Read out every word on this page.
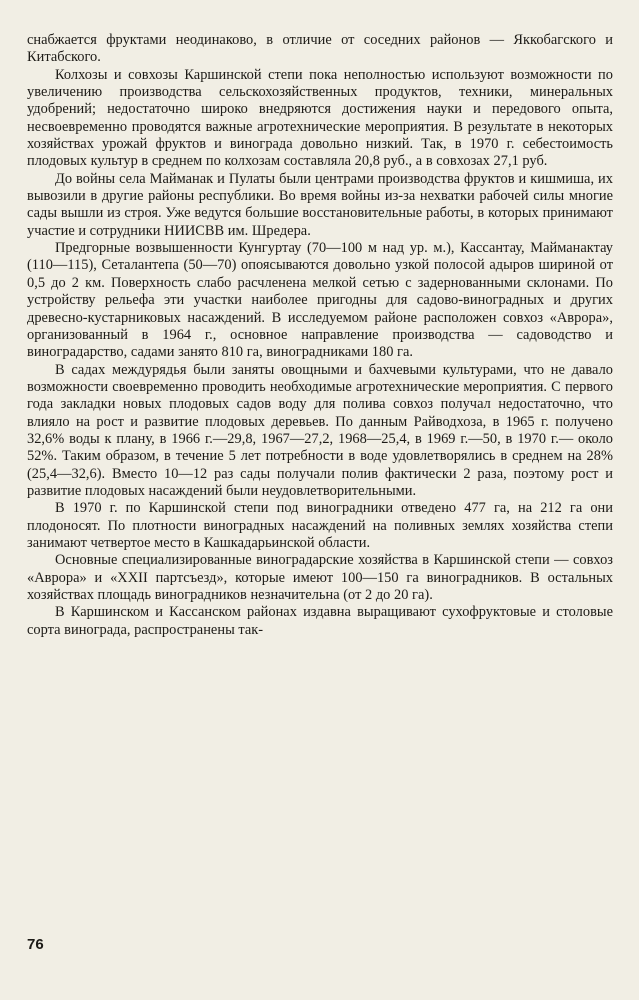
снабжается фруктами неодинаково, в отличие от соседних районов — Яккобагского и Китабского.

Колхозы и совхозы Каршинской степи пока неполностью используют возможности по увеличению производства сельскохозяйственных продуктов, техники, минеральных удобрений; недостаточно широко внедряются достижения науки и передового опыта, несвоевременно проводятся важные агротехнические мероприятия. В результате в некоторых хозяйствах урожай фруктов и винограда довольно низкий. Так, в 1970 г. себестоимость плодовых культур в среднем по колхозам составляла 20,8 руб., а в совхозах 27,1 руб.

До войны села Майманак и Пулаты были центрами производства фруктов и кишмиша, их вывозили в другие районы республики. Во время войны из-за нехватки рабочей силы многие сады вышли из строя. Уже ведутся большие восстановительные работы, в которых принимают участие и сотрудники НИИСВВ им. Шредера.

Предгорные возвышенности Кунгуртау (70—100 м над ур. м.), Кассантау, Майманактау (110—115), Сеталантепа (50—70) опоясываются довольно узкой полосой адыров шириной от 0,5 до 2 км. Поверхность слабо расчленена мелкой сетью с задернованными склонами. По устройству рельефа эти участки наиболее пригодны для садово-виноградных и других древесно-кустарниковых насаждений. В исследуемом районе расположен совхоз «Аврора», организованный в 1964 г., основное направление производства — садоводство и виноградарство, садами занято 810 га, виноградниками 180 га.

В садах междурядья были заняты овощными и бахчевыми культурами, что не давало возможности своевременно проводить необходимые агротехнические мероприятия. С первого года закладки новых плодовых садов воду для полива совхоз получал недостаточно, что влияло на рост и развитие плодовых деревьев. По данным Райводхоза, в 1965 г. получено 32,6% воды к плану, в 1966 г.—29,8, 1967—27,2, 1968—25,4, в 1969 г.—50, в 1970 г.— около 52%. Таким образом, в течение 5 лет потребности в воде удовлетворялись в среднем на 28% (25,4—32,6). Вместо 10—12 раз сады получали полив фактически 2 раза, поэтому рост и развитие плодовых насаждений были неудовлетворительными.

В 1970 г. по Каршинской степи под виноградники отведено 477 га, на 212 га они плодоносят. По плотности виноградных насаждений на поливных землях хозяйства степи занимают четвертое место в Кашкадарьинской области.

Основные специализированные виноградарские хозяйства в Каршинской степи — совхоз «Аврора» и «XXII партсъезд», которые имеют 100—150 га виноградников. В остальных хозяйствах площадь виноградников незначительна (от 2 до 20 га).

В Каршинском и Кассанском районах издавна выращивают сухофруктовые и столовые сорта винограда, распространены так-

76
